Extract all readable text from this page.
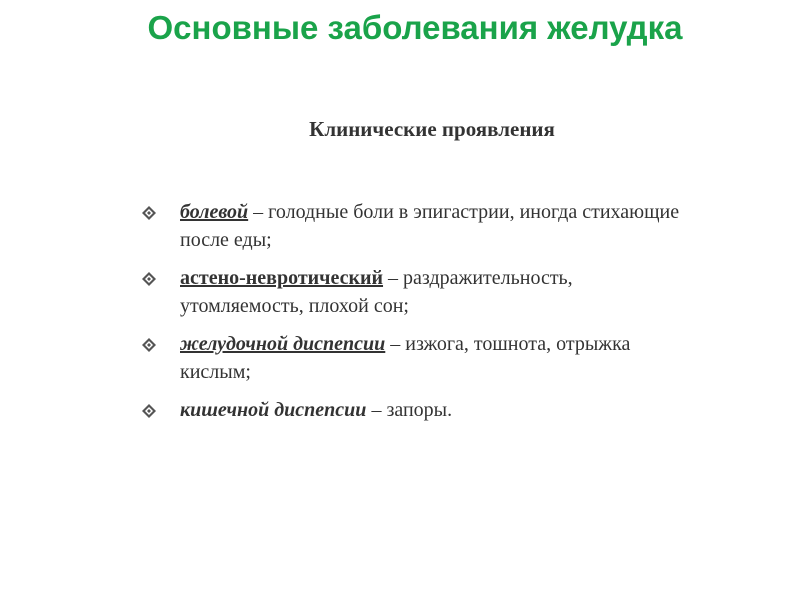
Основные заболевания желудка
Клинические проявления
болевой – голодные боли в эпигастрии, иногда стихающие после еды;
астено-невротический – раздражительность, утомляемость, плохой сон;
желудочной диспепсии – изжога, тошнота, отрыжка кислым;
кишечной диспепсии – запоры.
